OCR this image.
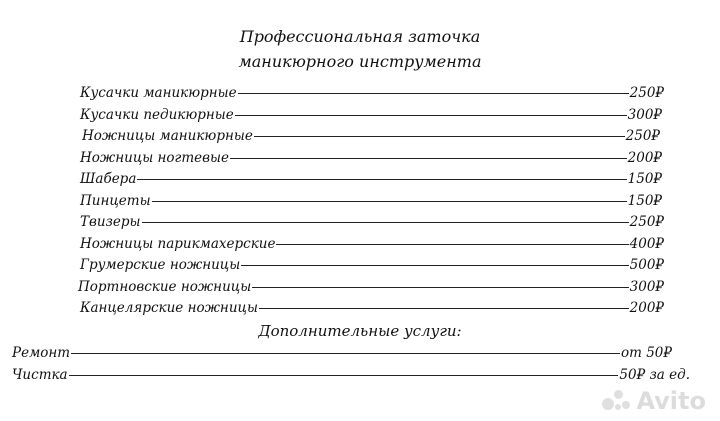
Профессиональная заточка
маникюрного инструмента
Кусачки маникюрные	250₽
Кусачки педикюрные	300₽
Ножницы маникюрные	250₽
Ножницы ногтевые	200₽
Шабера	150₽
Пинцеты	150₽
Твизеры	250₽
Ножницы парикмахерские	400₽
Грумерские ножницы	500₽
Портновские ножницы	300₽
Канцелярские ножницы	200₽
Дополнительные услуги:
Ремонт	от 50₽
Чистка	50₽ за ед.
Avito
